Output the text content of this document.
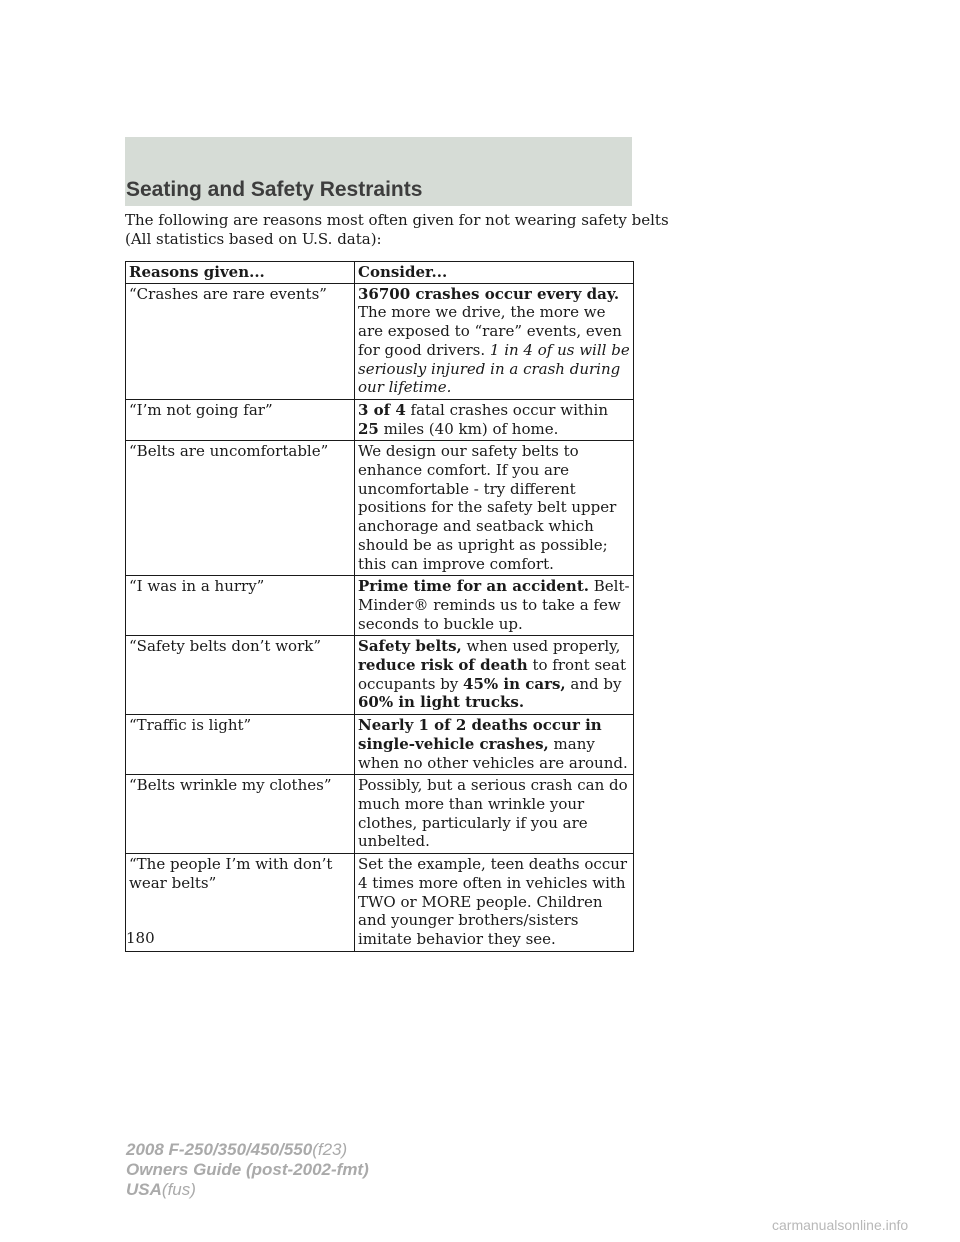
Seating and Safety Restraints
The following are reasons most often given for not wearing safety belts
(All statistics based on U.S. data):
Reasons given...	Consider...
“Crashes are rare events”	36700 crashes occur every day. The more we drive, the more we are exposed to “rare” events, even for good drivers. 1 in 4 of us will be seriously injured in a crash during our lifetime.
“I’m not going far”	3 of 4 fatal crashes occur within 25 miles (40 km) of home.
“Belts are uncomfortable”	We design our safety belts to enhance comfort. If you are uncomfortable - try different positions for the safety belt upper anchorage and seatback which should be as upright as possible; this can improve comfort.
“I was in a hurry”	Prime time for an accident. Belt-Minder® reminds us to take a few seconds to buckle up.
“Safety belts don’t work”	Safety belts, when used properly, reduce risk of death to front seat occupants by 45% in cars, and by 60% in light trucks.
“Traffic is light”	Nearly 1 of 2 deaths occur in single-vehicle crashes, many when no other vehicles are around.
“Belts wrinkle my clothes”	Possibly, but a serious crash can do much more than wrinkle your clothes, particularly if you are unbelted.
“The people I’m with don’t wear belts”	Set the example, teen deaths occur 4 times more often in vehicles with TWO or MORE people. Children and younger brothers/sisters imitate behavior they see.
180
2008 F-250/350/450/550(f23)
Owners Guide (post-2002-fmt)
USA(fus)
carmanualsonline.info
